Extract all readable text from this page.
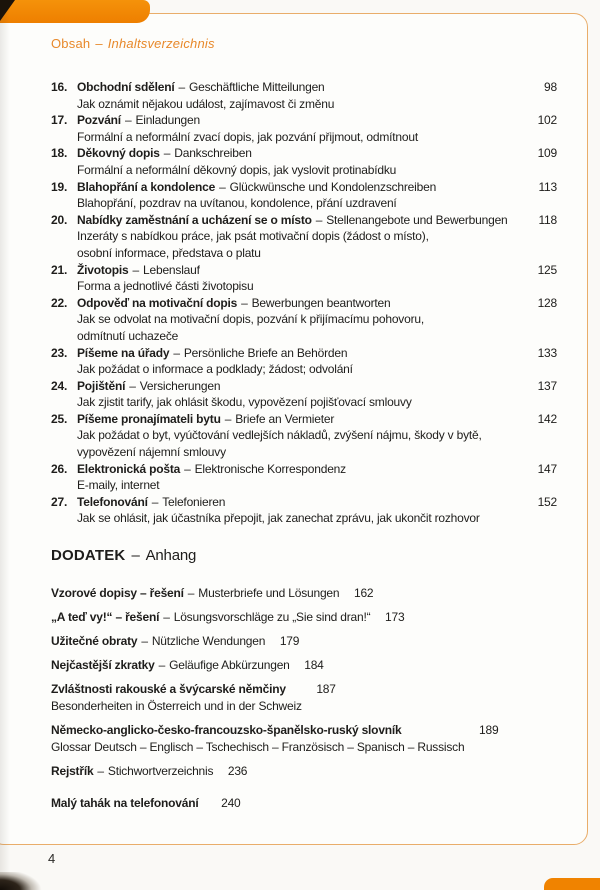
Obsah – Inhaltsverzeichnis
16. Obchodní sdělení – Geschäftliche Mitteilungen
Jak oznámit nějakou událost, zajímavost či změnu
98
17. Pozvání – Einladungen
Formální a neformální zvací dopis, jak pozvání přijmout, odmítnout
102
18. Děkovný dopis – Dankschreiben
Formální a neformální děkovný dopis, jak vyslovit protinabídku
109
19. Blahopřání a kondolence – Glückwünsche und Kondolenzschreiben
Blahopřání, pozdrav na uvítanou, kondolence, přání uzdravení
113
20. Nabídky zaměstnání a ucházení se o místo – Stellenangebote und Bewerbungen
Inzeráty s nabídkou práce, jak psát motivační dopis (žádost o místo),
osobní informace, představa o platu
118
21. Životopis – Lebenslauf
Forma a jednotlivé části životopisu
125
22. Odpověď na motivační dopis – Bewerbungen beantworten
Jak se odvolat na motivační dopis, pozvání k přijímacímu pohovoru,
odmítnutí uchazeče
128
23. Píšeme na úřady – Persönliche Briefe an Behörden
Jak požádat o informace a podklady; žádost; odvolání
133
24. Pojištění – Versicherungen
Jak zjistit tarify, jak ohlásit škodu, vypovězení pojišťovací smlouvy
137
25. Píšeme pronajímateli bytu – Briefe an Vermieter
Jak požádat o byt, vyúčtování vedlejších nákladů, zvýšení nájmu, škody v bytě,
vypovězení nájemní smlouvy
142
26. Elektronická pošta – Elektronische Korrespondenz
E-maily, internet
147
27. Telefonování – Telefonieren
Jak se ohlásit, jak účastníka přepojit, jak zanechat zprávu, jak ukončit rozhovor
152
DODATEK – Anhang
Vzorové dopisy – řešení – Musterbriefe und Lösungen	162
„A teď vy!“ – řešení – Lösungsvorschläge zu „Sie sind dran!“	173
Užitečné obraty – Nützliche Wendungen	179
Nejčastější zkratky – Geläufige Abkürzungen	184
Zvláštnosti rakouské a švýcarské němčiny
Besonderheiten in Österreich und in der Schweiz
187
Německo-anglicko-česko-francouzsko-španělsko-ruský slovník
Glossar Deutsch – Englisch – Tschechisch – Französisch – Spanisch – Russisch
189
Rejstřík – Stichwortverzeichnis	236
Malý tahák na telefonování	240
4
